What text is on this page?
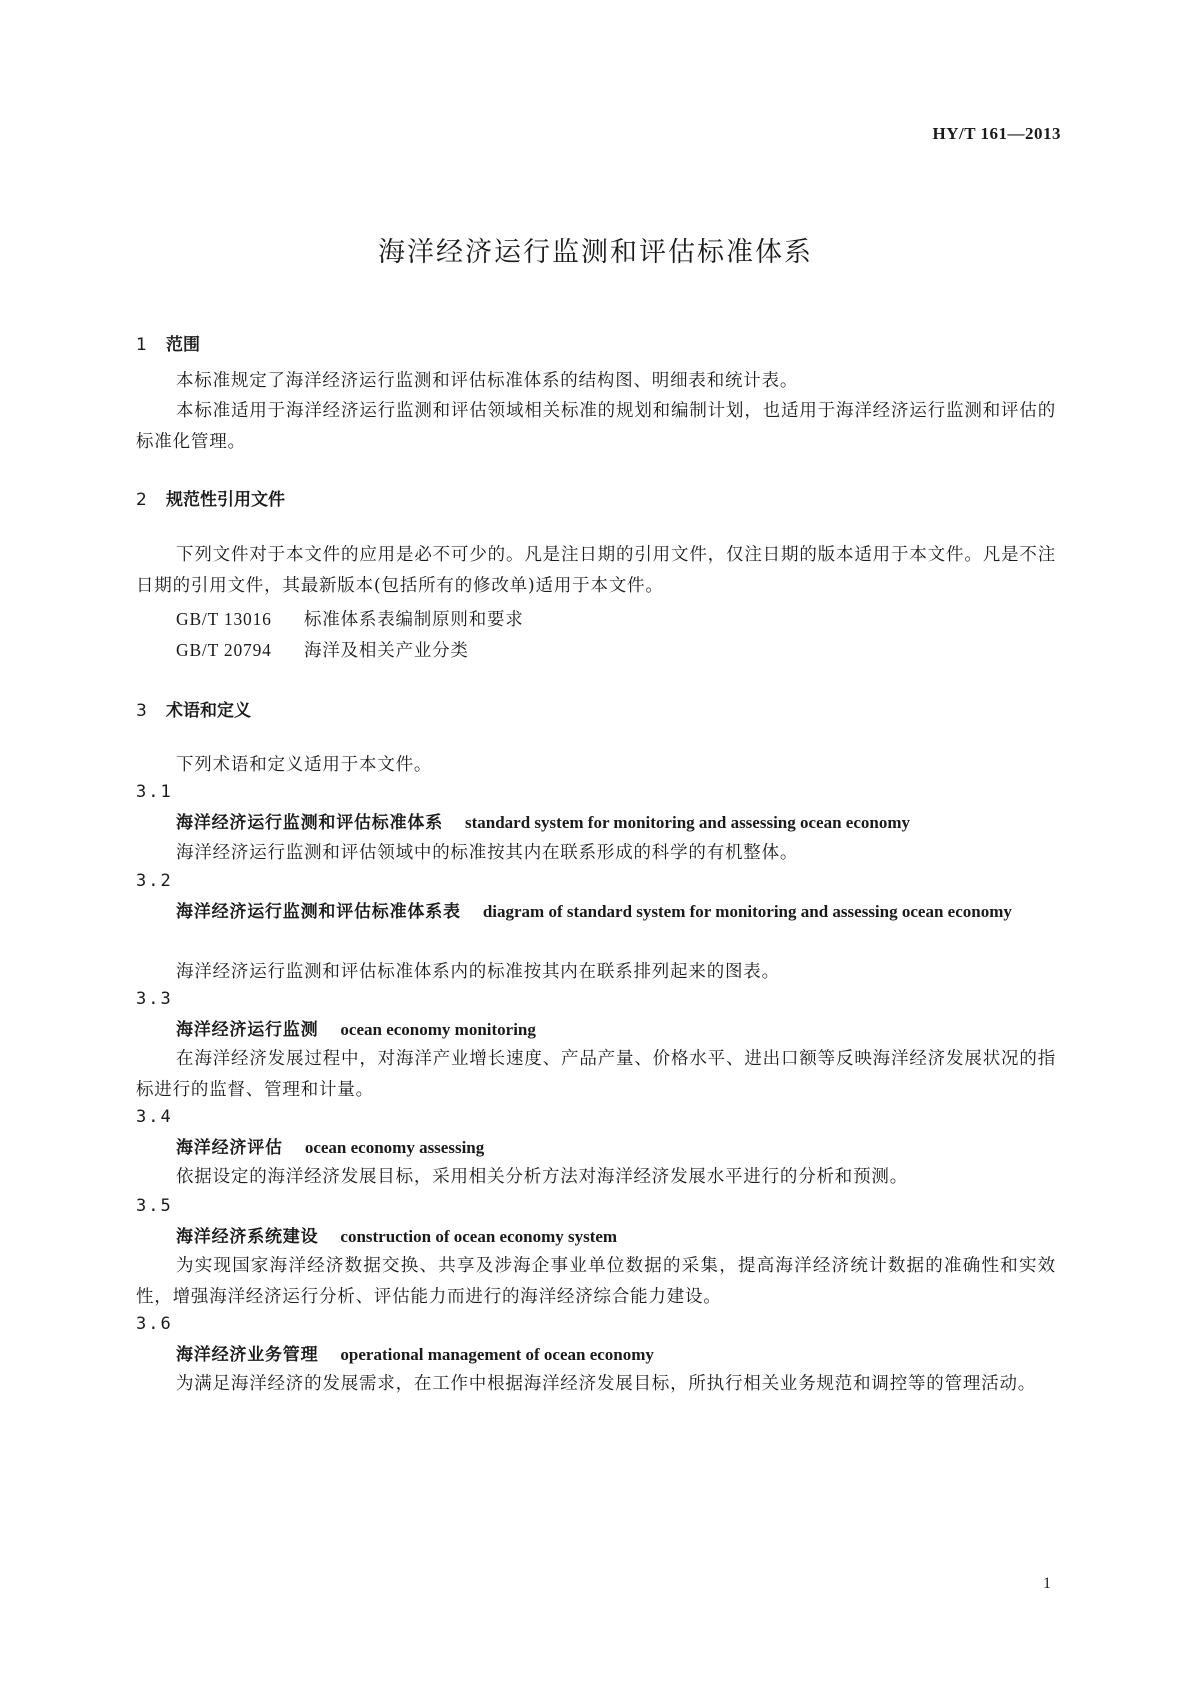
HY/T 161—2013
海洋经济运行监测和评估标准体系
1 范围
本标准规定了海洋经济运行监测和评估标准体系的结构图、明细表和统计表。
本标准适用于海洋经济运行监测和评估领域相关标准的规划和编制计划，也适用于海洋经济运行监测和评估的标准化管理。
2 规范性引用文件
下列文件对于本文件的应用是必不可少的。凡是注日期的引用文件，仅注日期的版本适用于本文件。凡是不注日期的引用文件，其最新版本(包括所有的修改单)适用于本文件。
GB/T 13016 标准体系表编制原则和要求
GB/T 20794 海洋及相关产业分类
3 术语和定义
下列术语和定义适用于本文件。
3.1
海洋经济运行监测和评估标准体系 standard system for monitoring and assessing ocean economy
海洋经济运行监测和评估领域中的标准按其内在联系形成的科学的有机整体。
3.2
海洋经济运行监测和评估标准体系表 diagram of standard system for monitoring and assessing ocean economy
海洋经济运行监测和评估标准体系内的标准按其内在联系排列起来的图表。
3.3
海洋经济运行监测 ocean economy monitoring
在海洋经济发展过程中，对海洋产业增长速度、产品产量、价格水平、进出口额等反映海洋经济发展状况的指标进行的监督、管理和计量。
3.4
海洋经济评估 ocean economy assessing
依据设定的海洋经济发展目标，采用相关分析方法对海洋经济发展水平进行的分析和预测。
3.5
海洋经济系统建设 construction of ocean economy system
为实现国家海洋经济数据交换、共享及涉海企事业单位数据的采集，提高海洋经济统计数据的准确性和实效性，增强海洋经济运行分析、评估能力而进行的海洋经济综合能力建设。
3.6
海洋经济业务管理 operational management of ocean economy
为满足海洋经济的发展需求，在工作中根据海洋经济发展目标，所执行相关业务规范和调控等的管理活动。
1
